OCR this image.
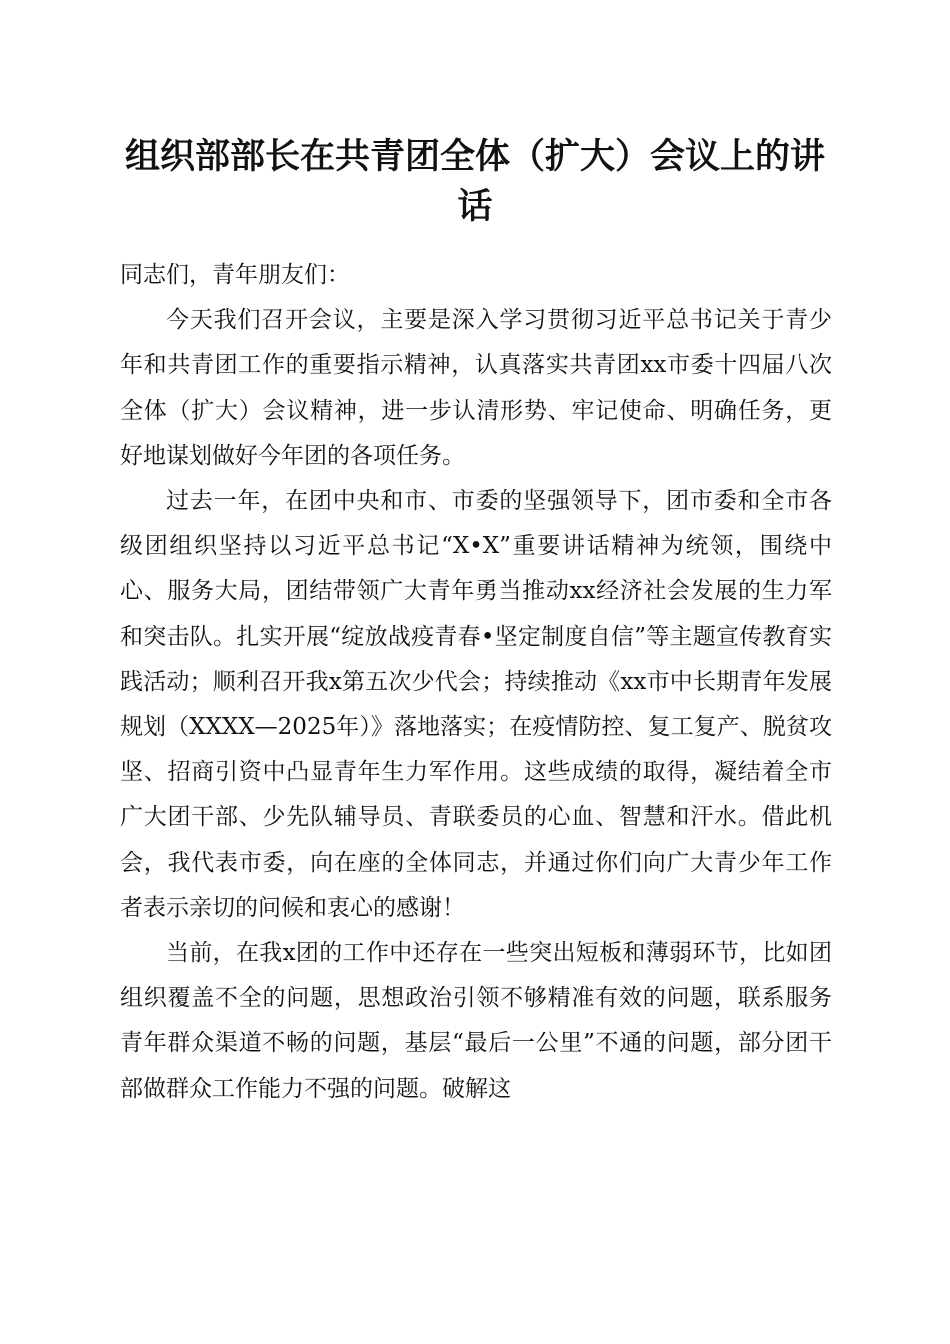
组织部部长在共青团全体（扩大）会议上的讲话

同志们，青年朋友们：

今天我们召开会议，主要是深入学习贯彻习近平总书记关于青少年和共青团工作的重要指示精神，认真落实共青团xx市委十四届八次全体（扩大）会议精神，进一步认清形势、牢记使命、明确任务，更好地谋划做好今年团的各项任务。

过去一年，在团中央和市、市委的坚强领导下，团市委和全市各级团组织坚持以习近平总书记“X•X”重要讲话精神为统领，围绕中心、服务大局，团结带领广大青年勇当推动xx经济社会发展的生力军和突击队。扎实开展“绽放战疫青春•坚定制度自信”等主题宣传教育实践活动；顺利召开我x第五次少代会；持续推动《xx市中长期青年发展规划（XXXX—2025年）》落地落实；在疫情防控、复工复产、脱贫攻坚、招商引资中凸显青年生力军作用。这些成绩的取得，凝结着全市广大团干部、少先队辅导员、青联委员的心血、智慧和汗水。借此机会，我代表市委，向在座的全体同志，并通过你们向广大青少年工作者表示亲切的问候和衷心的感谢！

当前，在我x团的工作中还存在一些突出短板和薄弱环节，比如团组织覆盖不全的问题，思想政治引领不够精准有效的问题，联系服务青年群众渠道不畅的问题，基层“最后一公里”不通的问题，部分团干部做群众工作能力不强的问题。破解这
